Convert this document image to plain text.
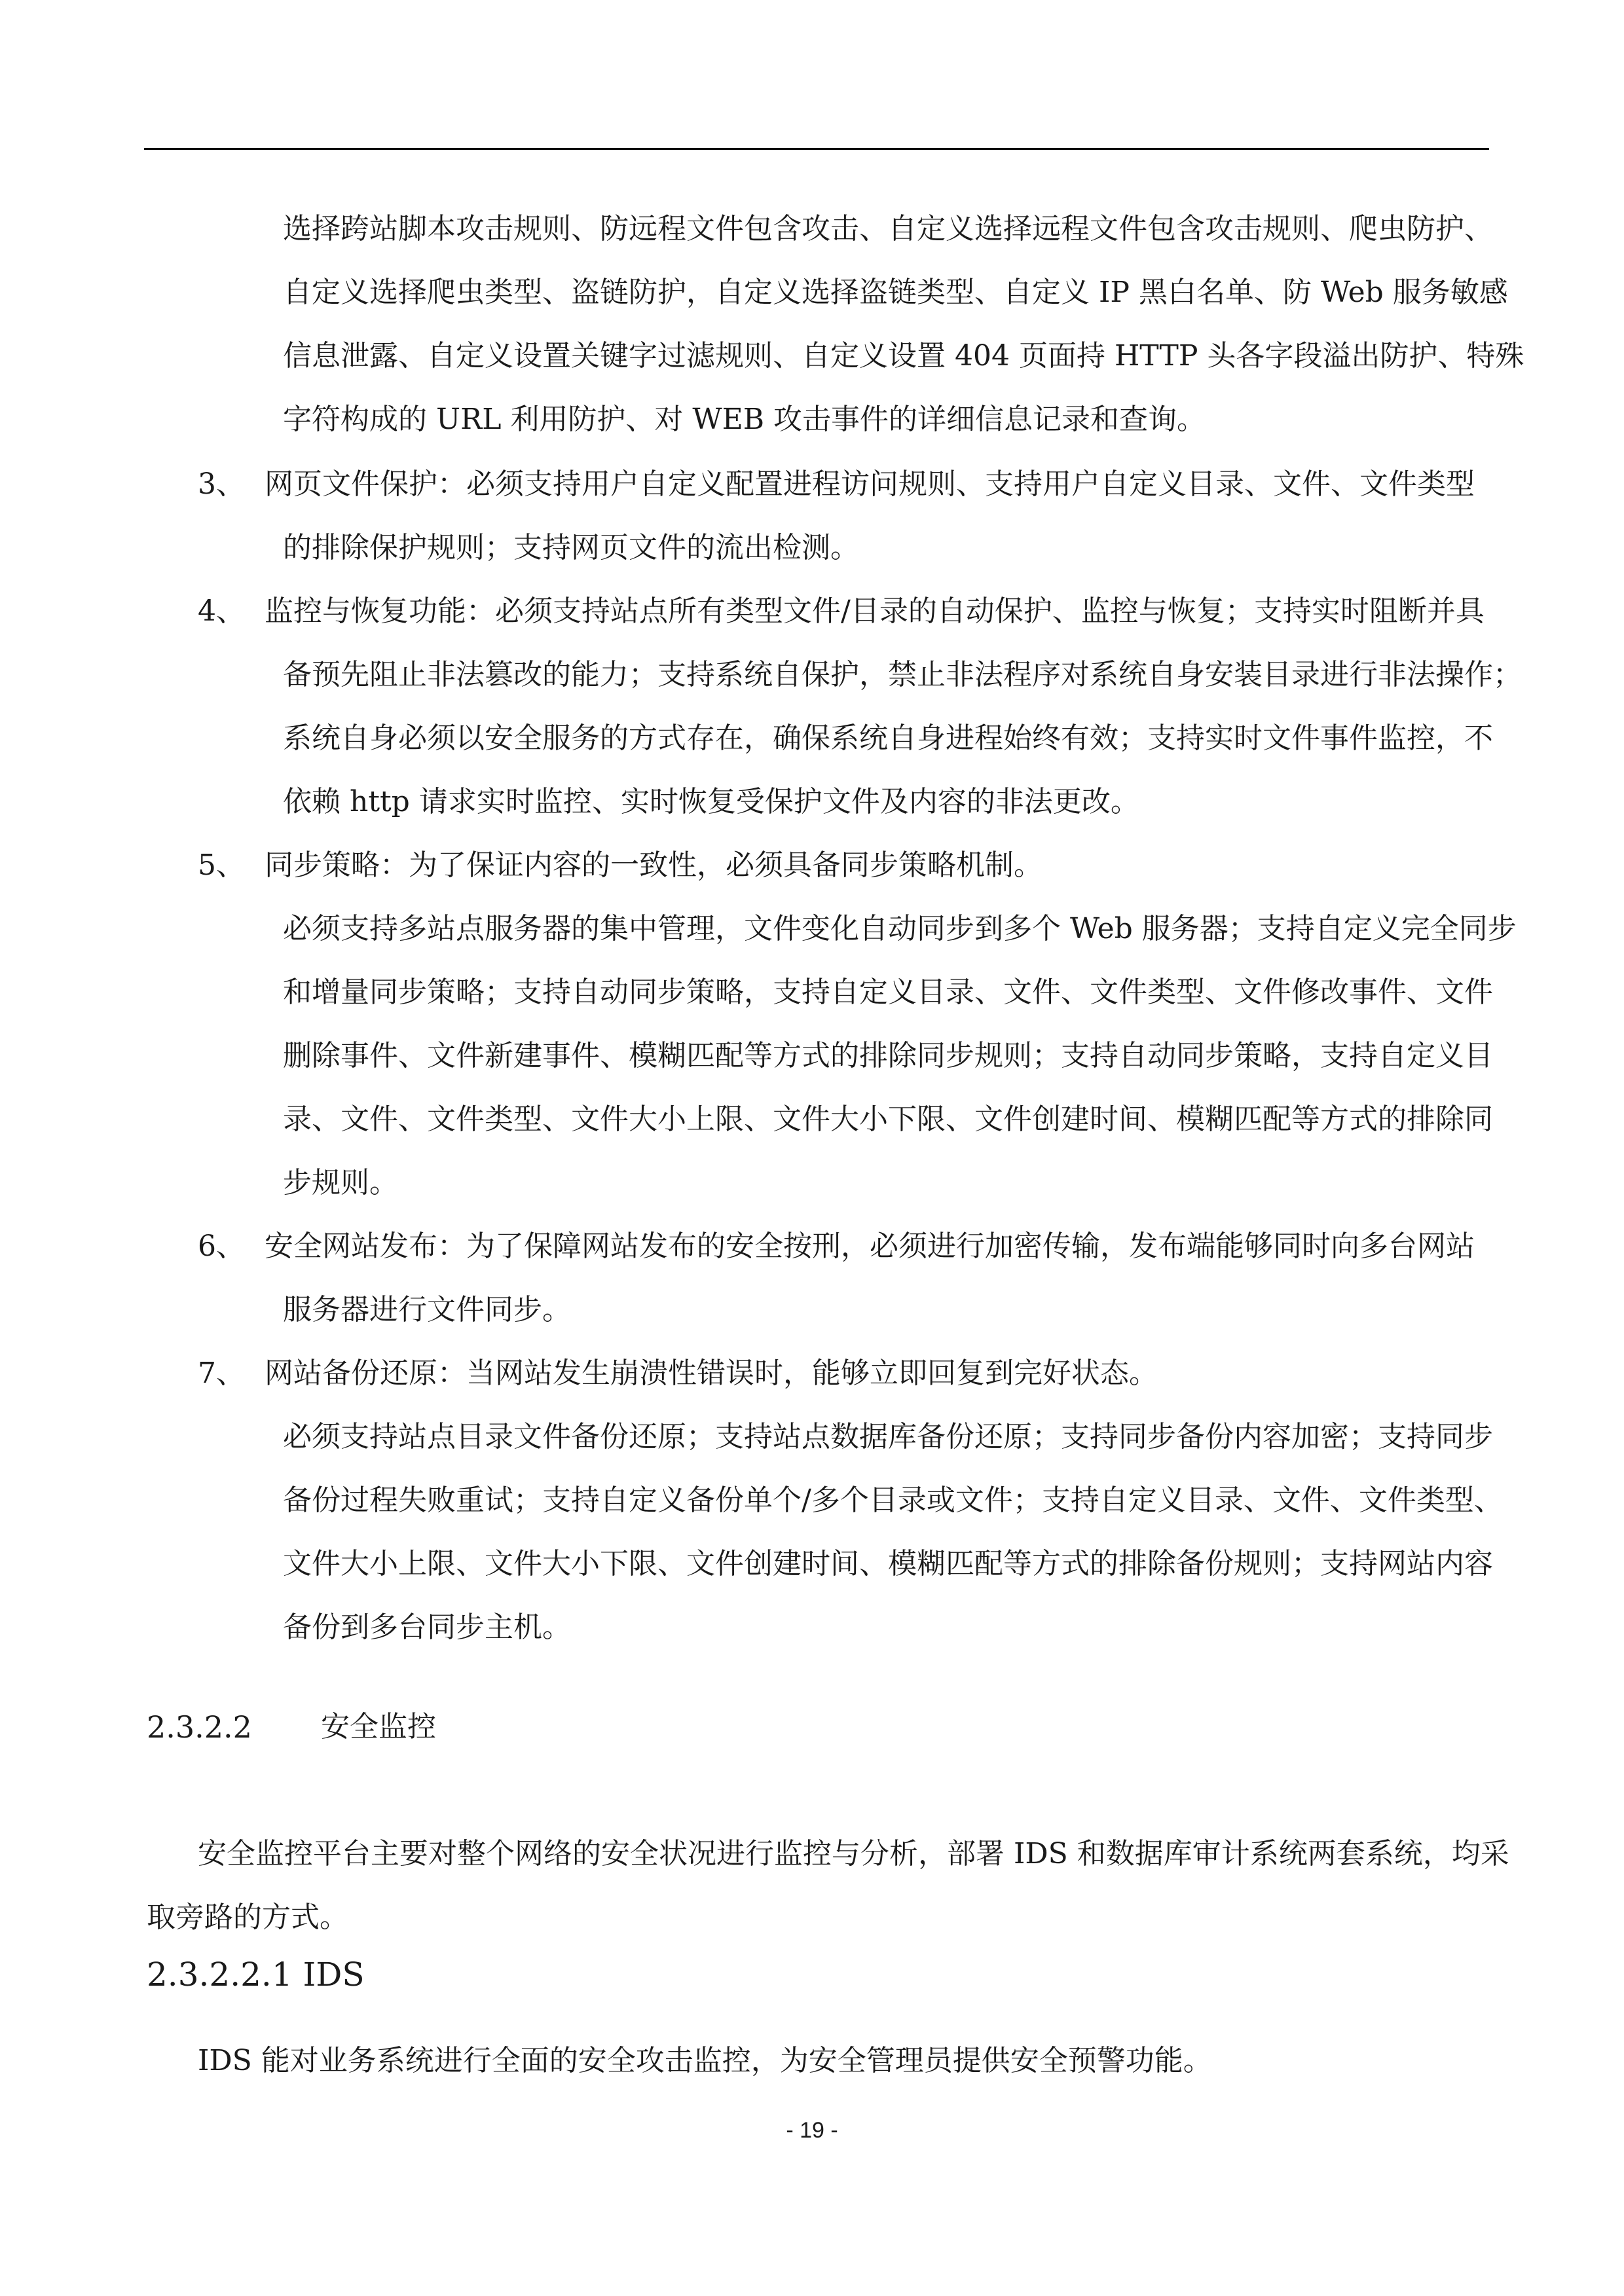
选择跨站脚本攻击规则、防远程文件包含攻击、自定义选择远程文件包含攻击规则、爬虫防护、
自定义选择爬虫类型、盗链防护，自定义选择盗链类型、自定义 IP 黑白名单、防 Web 服务敏感
信息泄露、自定义设置关键字过滤规则、自定义设置 404 页面持 HTTP 头各字段溢出防护、特殊
字符构成的 URL 利用防护、对 WEB 攻击事件的详细信息记录和查询。
3、 网页文件保护：必须支持用户自定义配置进程访问规则、支持用户自定义目录、文件、文件类型
的排除保护规则；支持网页文件的流出检测。
4、 监控与恢复功能：必须支持站点所有类型文件/目录的自动保护、监控与恢复；支持实时阻断并具
备预先阻止非法篡改的能力；支持系统自保护，禁止非法程序对系统自身安装目录进行非法操作；
系统自身必须以安全服务的方式存在，确保系统自身进程始终有效；支持实时文件事件监控，不
依赖 http 请求实时监控、实时恢复受保护文件及内容的非法更改。
5、 同步策略：为了保证内容的一致性，必须具备同步策略机制。
必须支持多站点服务器的集中管理，文件变化自动同步到多个 Web 服务器；支持自定义完全同步
和增量同步策略；支持自动同步策略，支持自定义目录、文件、文件类型、文件修改事件、文件
删除事件、文件新建事件、模糊匹配等方式的排除同步规则；支持自动同步策略，支持自定义目
录、文件、文件类型、文件大小上限、文件大小下限、文件创建时间、模糊匹配等方式的排除同
步规则。
6、 安全网站发布：为了保障网站发布的安全按刑，必须进行加密传输，发布端能够同时向多台网站
服务器进行文件同步。
7、 网站备份还原：当网站发生崩溃性错误时，能够立即回复到完好状态。
必须支持站点目录文件备份还原；支持站点数据库备份还原；支持同步备份内容加密；支持同步
备份过程失败重试；支持自定义备份单个/多个目录或文件；支持自定义目录、文件、文件类型、
文件大小上限、文件大小下限、文件创建时间、模糊匹配等方式的排除备份规则；支持网站内容
备份到多台同步主机。
2.3.2.2 安全监控
安全监控平台主要对整个网络的安全状况进行监控与分析，部署 IDS 和数据库审计系统两套系统，均采
取旁路的方式。
2.3.2.2.1 IDS
IDS 能对业务系统进行全面的安全攻击监控，为安全管理员提供安全预警功能。
- 19 -
